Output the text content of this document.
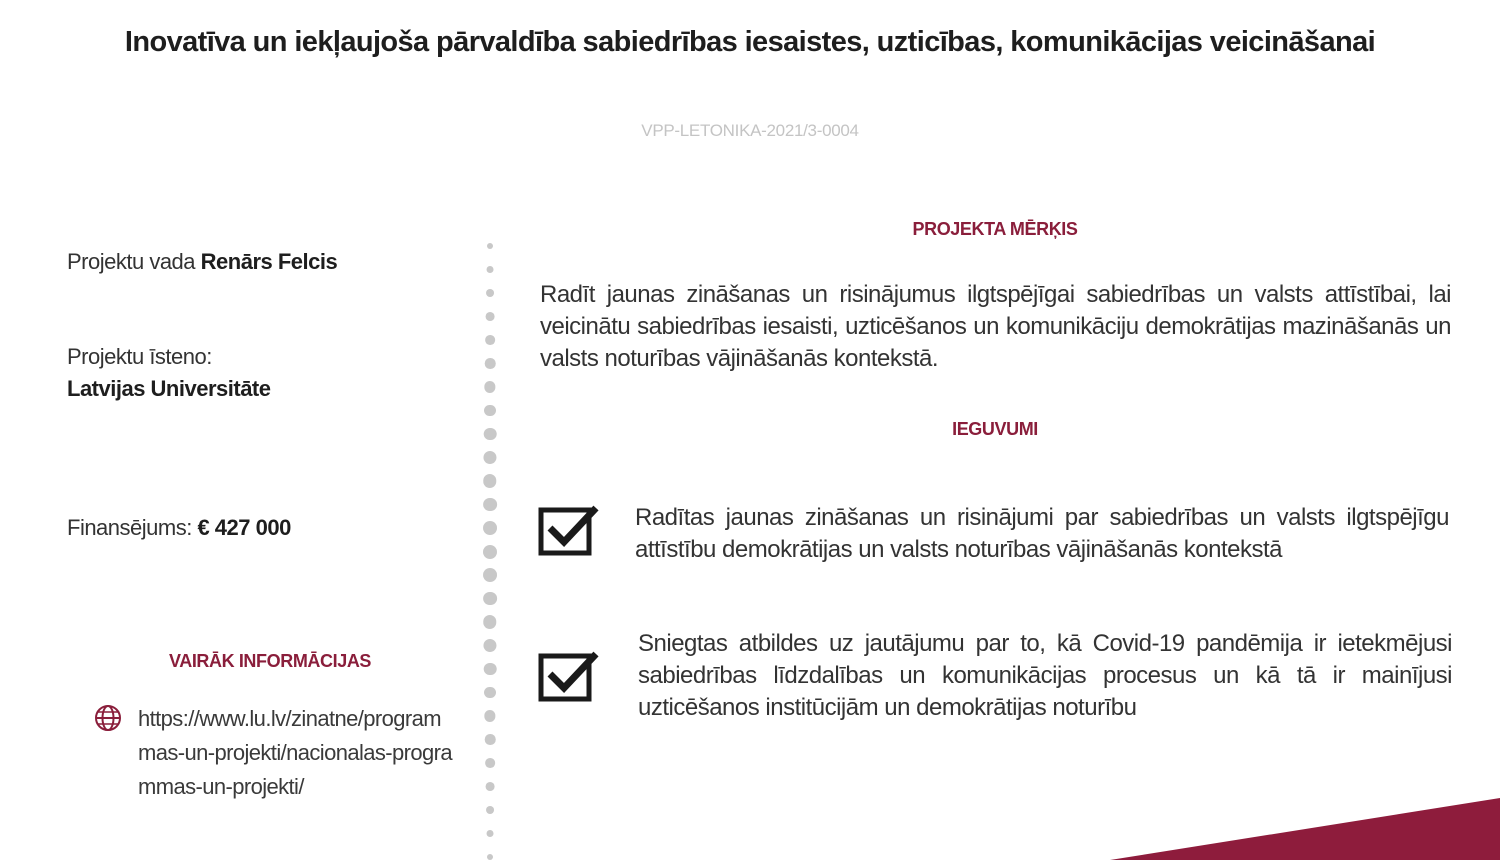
Inovatīva un iekļaujoša pārvaldība sabiedrības iesaistes, uzticības, komunikācijas veicināšanai
VPP-LETONIKA-2021/3-0004
Projektu vada Renārs Felcis
Projektu īsteno:
Latvijas Universitāte
Finansējums: € 427 000
VAIRĀK INFORMĀCIJAS
https://www.lu.lv/zinatne/programmas-un-projekti/nacionalas-programmas-un-projekti/
PROJEKTA MĒRĶIS
Radīt jaunas zināšanas un risinājumus ilgtspējīgai sabiedrības un valsts attīstībai, lai veicinātu sabiedrības iesaisti, uzticēšanos un komunikāciju demokrātijas mazināšanās un valsts noturības vājināšanās kontekstā.
IEGUVUMI
Radītas jaunas zināšanas un risinājumi par sabiedrības un valsts ilgtspējīgu attīstību demokrātijas un valsts noturības vājināšanās kontekstā
Sniegtas atbildes uz jautājumu par to, kā Covid-19 pandēmija ir ietekmējusi sabiedrības līdzdalības un komunikācijas procesus un kā tā ir mainījusi uzticēšanos institūcijām un demokrātijas noturību
